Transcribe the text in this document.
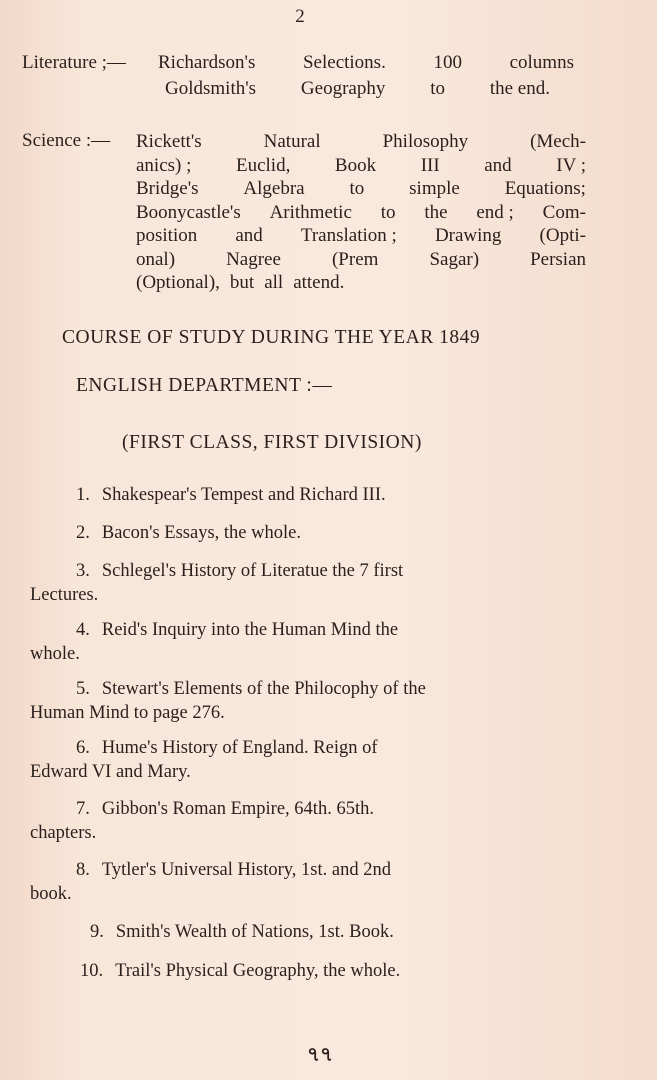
2
Literature ;— Richardson's	Selections.	100	columns
Goldsmith's Geography to the end.
Science :— Rickett's	Natural	Philosophy	(Mech-
anics) ; Euclid, Book III and IV ;
Bridge's Algebra to simple Equations;
Boonycastle's Arithmetic to the end ; Com-
position and Translation ; Drawing (Opti-
onal)	Nagree	(Prem	Sagar)	Persian
(Optional), but all attend.
COURSE OF STUDY DURING THE YEAR 1849
ENGLISH DEPARTMENT :—
(FIRST CLASS, FIRST DIVISION)
1. Shakespear's Tempest and Richard III.
2. Bacon's Essays, the whole.
3. Schlegel's History of Literatue the 7 first
Lectures.
4. Reid's Inquiry into the Human Mind the
whole.
5. Stewart's Elements of the Philocophy of the
Human Mind to page 276.
6. Hume's History of England. Reign of
Edward VI and Mary.
7. Gibbon's Roman Empire, 64th. 65th.
chapters.
8. Tytler's Universal History, 1st. and 2nd
book.
9. Smith's Wealth of Nations, 1st. Book.
10. Trail's Physical Geography, the whole.
৭৭
